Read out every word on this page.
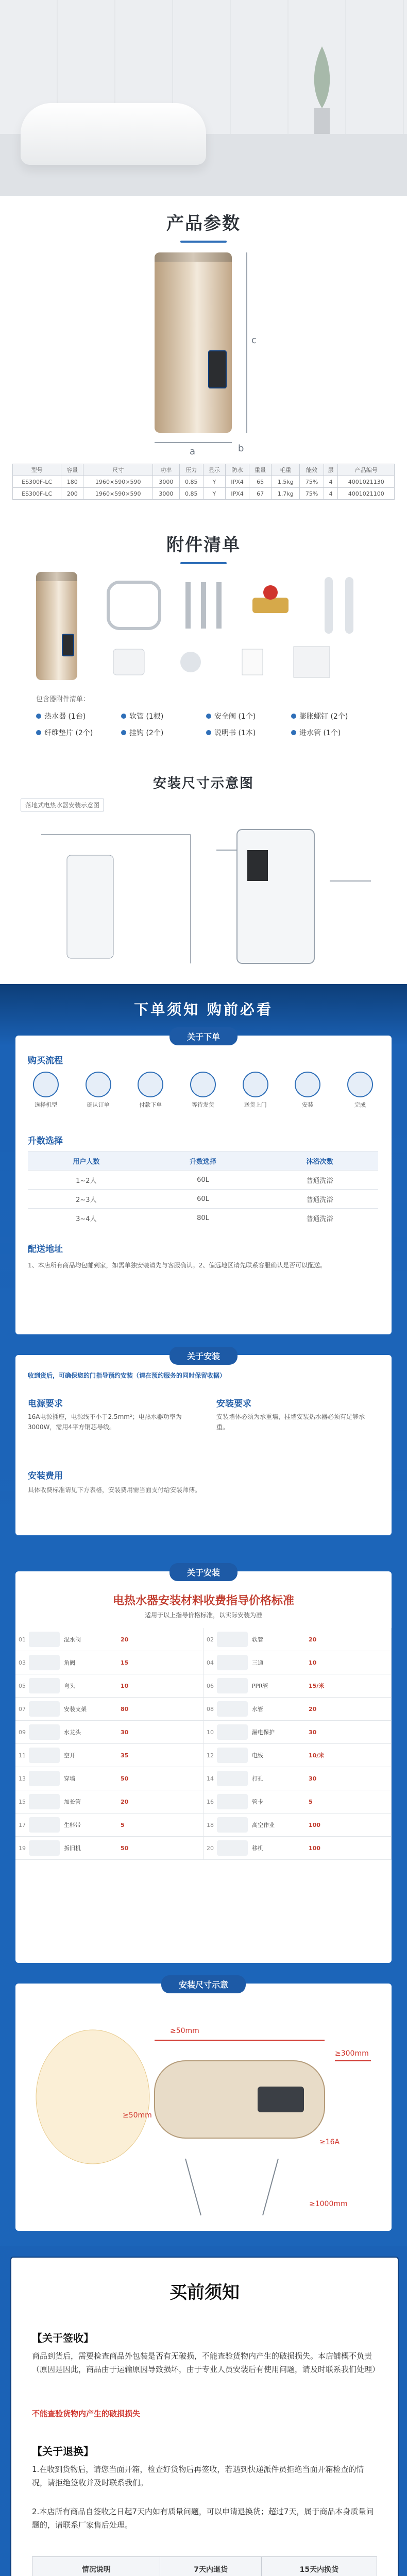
产品参数
c
a	b
型号	容量	尺寸	功率	压力	显示	防水	重量	毛重	能效	层	产品编号
ES300F-LC	180	1960×590×590	3000	0.85	Y	IPX4	65	1.5kg	75%	4	4001021130
ES300F-LC	200	1960×590×590	3000	0.85	Y	IPX4	67	1.7kg	75%	4	4001021100
附件清单
包含器附件清单：
热水器 (1台)	软管 (1根)	安全阀 (1个)	膨胀螺钉 (2个)
纤维垫片 (2个)	挂钩 (2个)	说明书 (1本)	进水管 (1个)
安装尺寸示意图
落地式电热水器安装示意图
下单须知 购前必看
关于下单
购买流程
选择机型	确认订单	付款下单	等待发货	送货上门	安装	完成
升数选择
用户人数	升数选择	沐浴次数
1~2人	60L	普通洗浴
2~3人	60L	普通洗浴
3~4人	80L	普通洗浴
配送地址
1、本店所有商品均包邮到家，如需单独安装请先与客服确认。2、偏远地区请先联系客服确认是否可以配送。
关于安装
收到货后，可确保您的门指导预约安装（请在预约服务的同时保留收据）
电源要求
16A电源插座，电源线不小于2.5mm²；电热水器功率为3000W，需用4平方铜芯导线。
安装要求
安装墙体必须为承重墙，挂墙安装热水器必须有足够承重。
安装费用
具体收费标准请见下方表格，安装费用需当面支付给安装师傅。
关于安装
电热水器安装材料收费指导价格标准
适用于以上指导价格标准，以实际安装为准
01	混水阀	20	02	软管	20
03	角阀	15	04	三通	10
05	弯头	10	06	PPR管	15/米
07	安装支架	80	08	水管	20
09	水龙头	30	10	漏电保护	30
11	空开	35	12	电线	10/米
13	穿墙	50	14	打孔	30
15	加长管	20	16	管卡	5
17	生料带	5	18	高空作业	100
19	拆旧机	50	20	移机	100
安装尺寸示意
≥50mm
≥300mm
≥50mm
≥16A
≥1000mm
买前须知
【关于签收】
商品到货后，需要检查商品外包装是否有无破损，不能查验货物内产生的破损损失。本店铺概不负责（原因是因此，商品由于运输原因导致损坏，由于专业人员安装后有使用问题，请及时联系我们处理）
不能查验货物内产生的破损损失
【关于退换】
1.在收到货物后，请您当面开箱，检查好货物后再签收，若遇到快递派件员拒绝当面开箱检查的情况，请拒绝签收并及时联系我们。
2.本店所有商品自签收之日起7天内如有质量问题，可以申请退换货；超过7天，属于商品本身质量问题的，请联系厂家售后处理。
情况说明	7天内退货	15天内换货
